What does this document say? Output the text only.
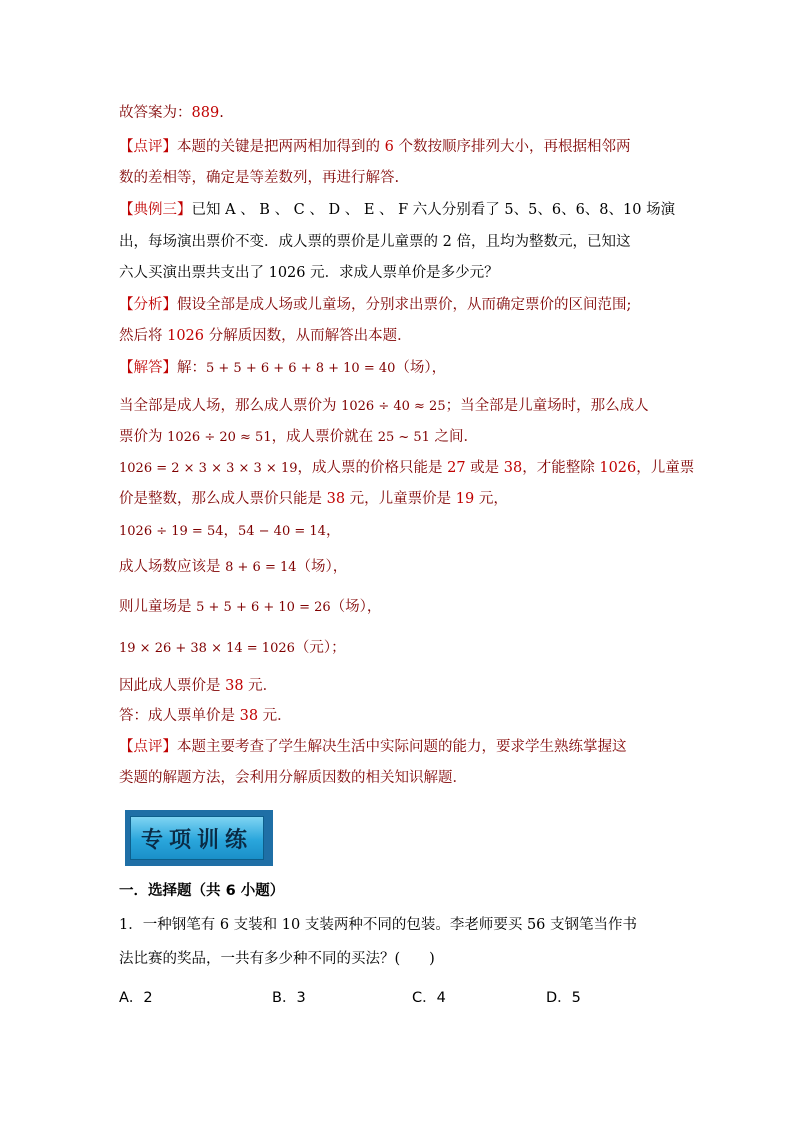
故答案为：889.
【点评】本题的关键是把两两相加得到的 6 个数按顺序排列大小，再根据相邻两
数的差相等，确定是等差数列，再进行解答.
【典例三】已知 A 、 B 、 C 、 D 、 E 、 F 六人分别看了 5、5、6、6、8、10 场演
出，每场演出票价不变．成人票的票价是儿童票的 2 倍，且均为整数元，已知这
六人买演出票共支出了 1026 元．求成人票单价是多少元？
【分析】假设全部是成人场或儿童场，分别求出票价，从而确定票价的区间范围;
然后将 1026 分解质因数，从而解答出本题．
【解答】解：5 + 5 + 6 + 6 + 8 + 10 = 40（场），
当全部是成人场，那么成人票价为 1026 ÷ 40 ≈ 25；当全部是儿童场时，那么成人
票价为 1026 ÷ 20 ≈ 51，成人票价就在 25 ~ 51 之间．
1026 = 2 × 3 × 3 × 3 × 19，成人票的价格只能是 27 或是 38，才能整除 1026，儿童票
价是整数，那么成人票价只能是 38 元，儿童票价是 19 元，
1026 ÷ 19 = 54，54 − 40 = 14，
成人场数应该是 8 + 6 = 14（场），
则儿童场是 5 + 5 + 6 + 10 = 26（场），
19 × 26 + 38 × 14 = 1026（元）；
因此成人票价是 38 元．
答：成人票单价是 38 元．
【点评】本题主要考查了学生解决生活中实际问题的能力，要求学生熟练掌握这
类题的解题方法，会利用分解质因数的相关知识解题．
专项训练
一．选择题（共 6 小题）
1．一种钢笔有 6 支装和 10 支装两种不同的包装。李老师要买 56 支钢笔当作书
法比赛的奖品，一共有多少种不同的买法？(　　)
A．2	B．3	C．4	D．5
